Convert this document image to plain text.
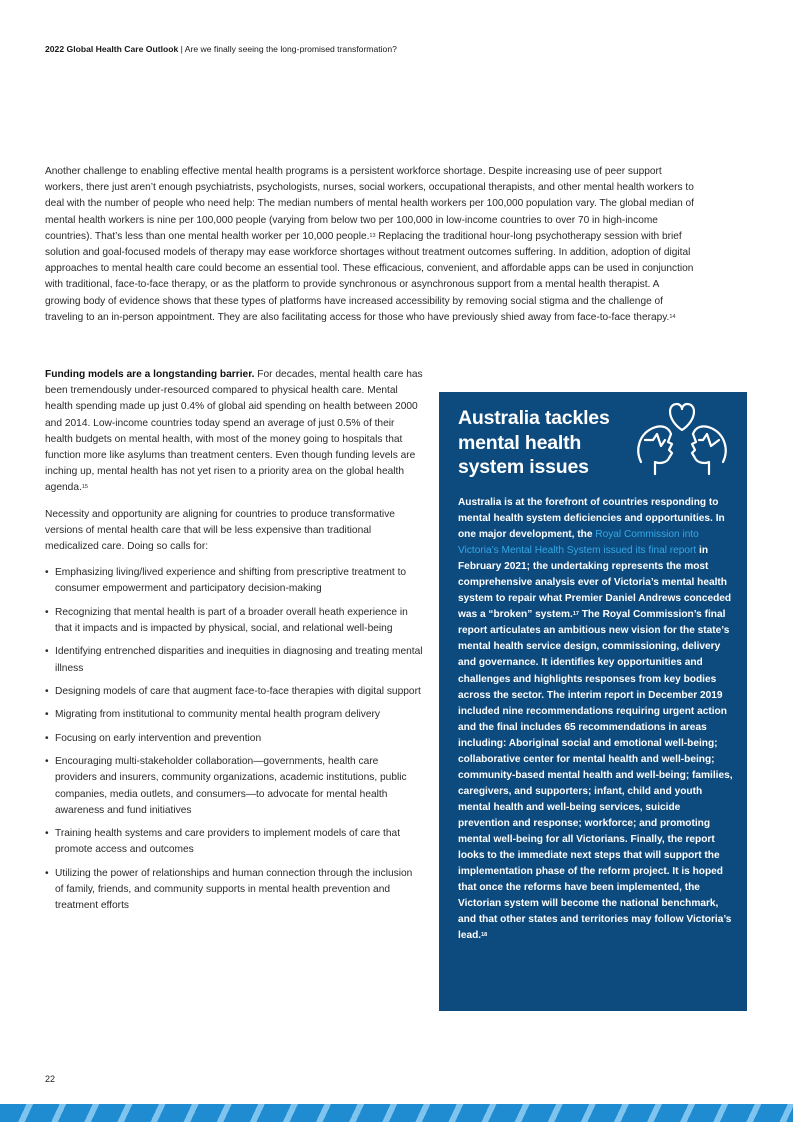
2022 Global Health Care Outlook | Are we finally seeing the long-promised transformation?

Another challenge to enabling effective mental health programs is a persistent workforce shortage. Despite increasing use of peer support workers, there just aren’t enough psychiatrists, psychologists, nurses, social workers, occupational therapists, and other mental health workers to deal with the number of people who need help: The median numbers of mental health workers per 100,000 population vary. The global median of mental health workers is nine per 100,000 people (varying from below two per 100,000 in low-income countries to over 70 in high-income countries). That’s less than one mental health worker per 10,000 people.$^{13}$ Replacing the traditional hour-long psychotherapy session with brief solution and goal-focused models of therapy may ease workforce shortages without treatment outcomes suffering. In addition, adoption of digital approaches to mental health care could become an essential tool. These efficacious, convenient, and affordable apps can be used in conjunction with traditional, face-to-face therapy, or as the platform to provide synchronous or asynchronous support from a mental health therapist. A growing body of evidence shows that these types of platforms have increased accessibility by removing social stigma and the challenge of traveling to an in-person appointment. They are also facilitating access for those who have previously shied away from face-to-face therapy.$^{14}$

Funding models are a longstanding barrier. For decades, mental health care has been tremendously under-resourced compared to physical health care. Mental health spending made up just 0.4% of global aid spending on health between 2000 and 2014. Low-income countries today spend an average of just 0.5% of their health budgets on mental health, with most of the money going to hospitals that function more like asylums than treatment centers. Even though funding levels are inching up, mental health has not yet risen to a priority area on the global health agenda.$^{15}$

Necessity and opportunity are aligning for countries to produce transformative versions of mental health care that will be less expensive than traditional medicalized care. Doing so calls for:

• Emphasizing living/lived experience and shifting from prescriptive treatment to consumer empowerment and participatory decision-making
• Recognizing that mental health is part of a broader overall heath experience in that it impacts and is impacted by physical, social, and relational well-being
• Identifying entrenched disparities and inequities in diagnosing and treating mental illness
• Designing models of care that augment face-to-face therapies with digital support
• Migrating from institutional to community mental health program delivery
• Focusing on early intervention and prevention
• Encouraging multi-stakeholder collaboration—governments, health care providers and insurers, community organizations, academic institutions, public companies, media outlets, and consumers—to advocate for mental health awareness and fund initiatives
• Training health systems and care providers to implement models of care that promote access and outcomes
• Utilizing the power of relationships and human connection through the inclusion of family, friends, and community supports in mental health prevention and treatment efforts
Australia tackles mental health system issues
Australia is at the forefront of countries responding to mental health system deficiencies and opportunities. In one major development, the Royal Commission into Victoria’s Mental Health System issued its final report in February 2021; the undertaking represents the most comprehensive analysis ever of Victoria’s mental health system to repair what Premier Daniel Andrews conceded was a “broken” system.$^{17}$ The Royal Commission’s final report articulates an ambitious new vision for the state’s mental health service design, commissioning, delivery and governance. It identifies key opportunities and challenges and highlights responses from key bodies across the sector. The interim report in December 2019 included nine recommendations requiring urgent action and the final includes 65 recommendations in areas including: Aboriginal social and emotional well-being; collaborative center for mental health and well-being; community-based mental health and well-being; families, caregivers, and supporters; infant, child and youth mental health and well-being services, suicide prevention and response; workforce; and promoting mental well-being for all Victorians. Finally, the report looks to the immediate next steps that will support the implementation phase of the reform project. It is hoped that once the reforms have been implemented, the Victorian system will become the national benchmark, and that other states and territories may follow Victoria’s lead.$^{18}$
22
